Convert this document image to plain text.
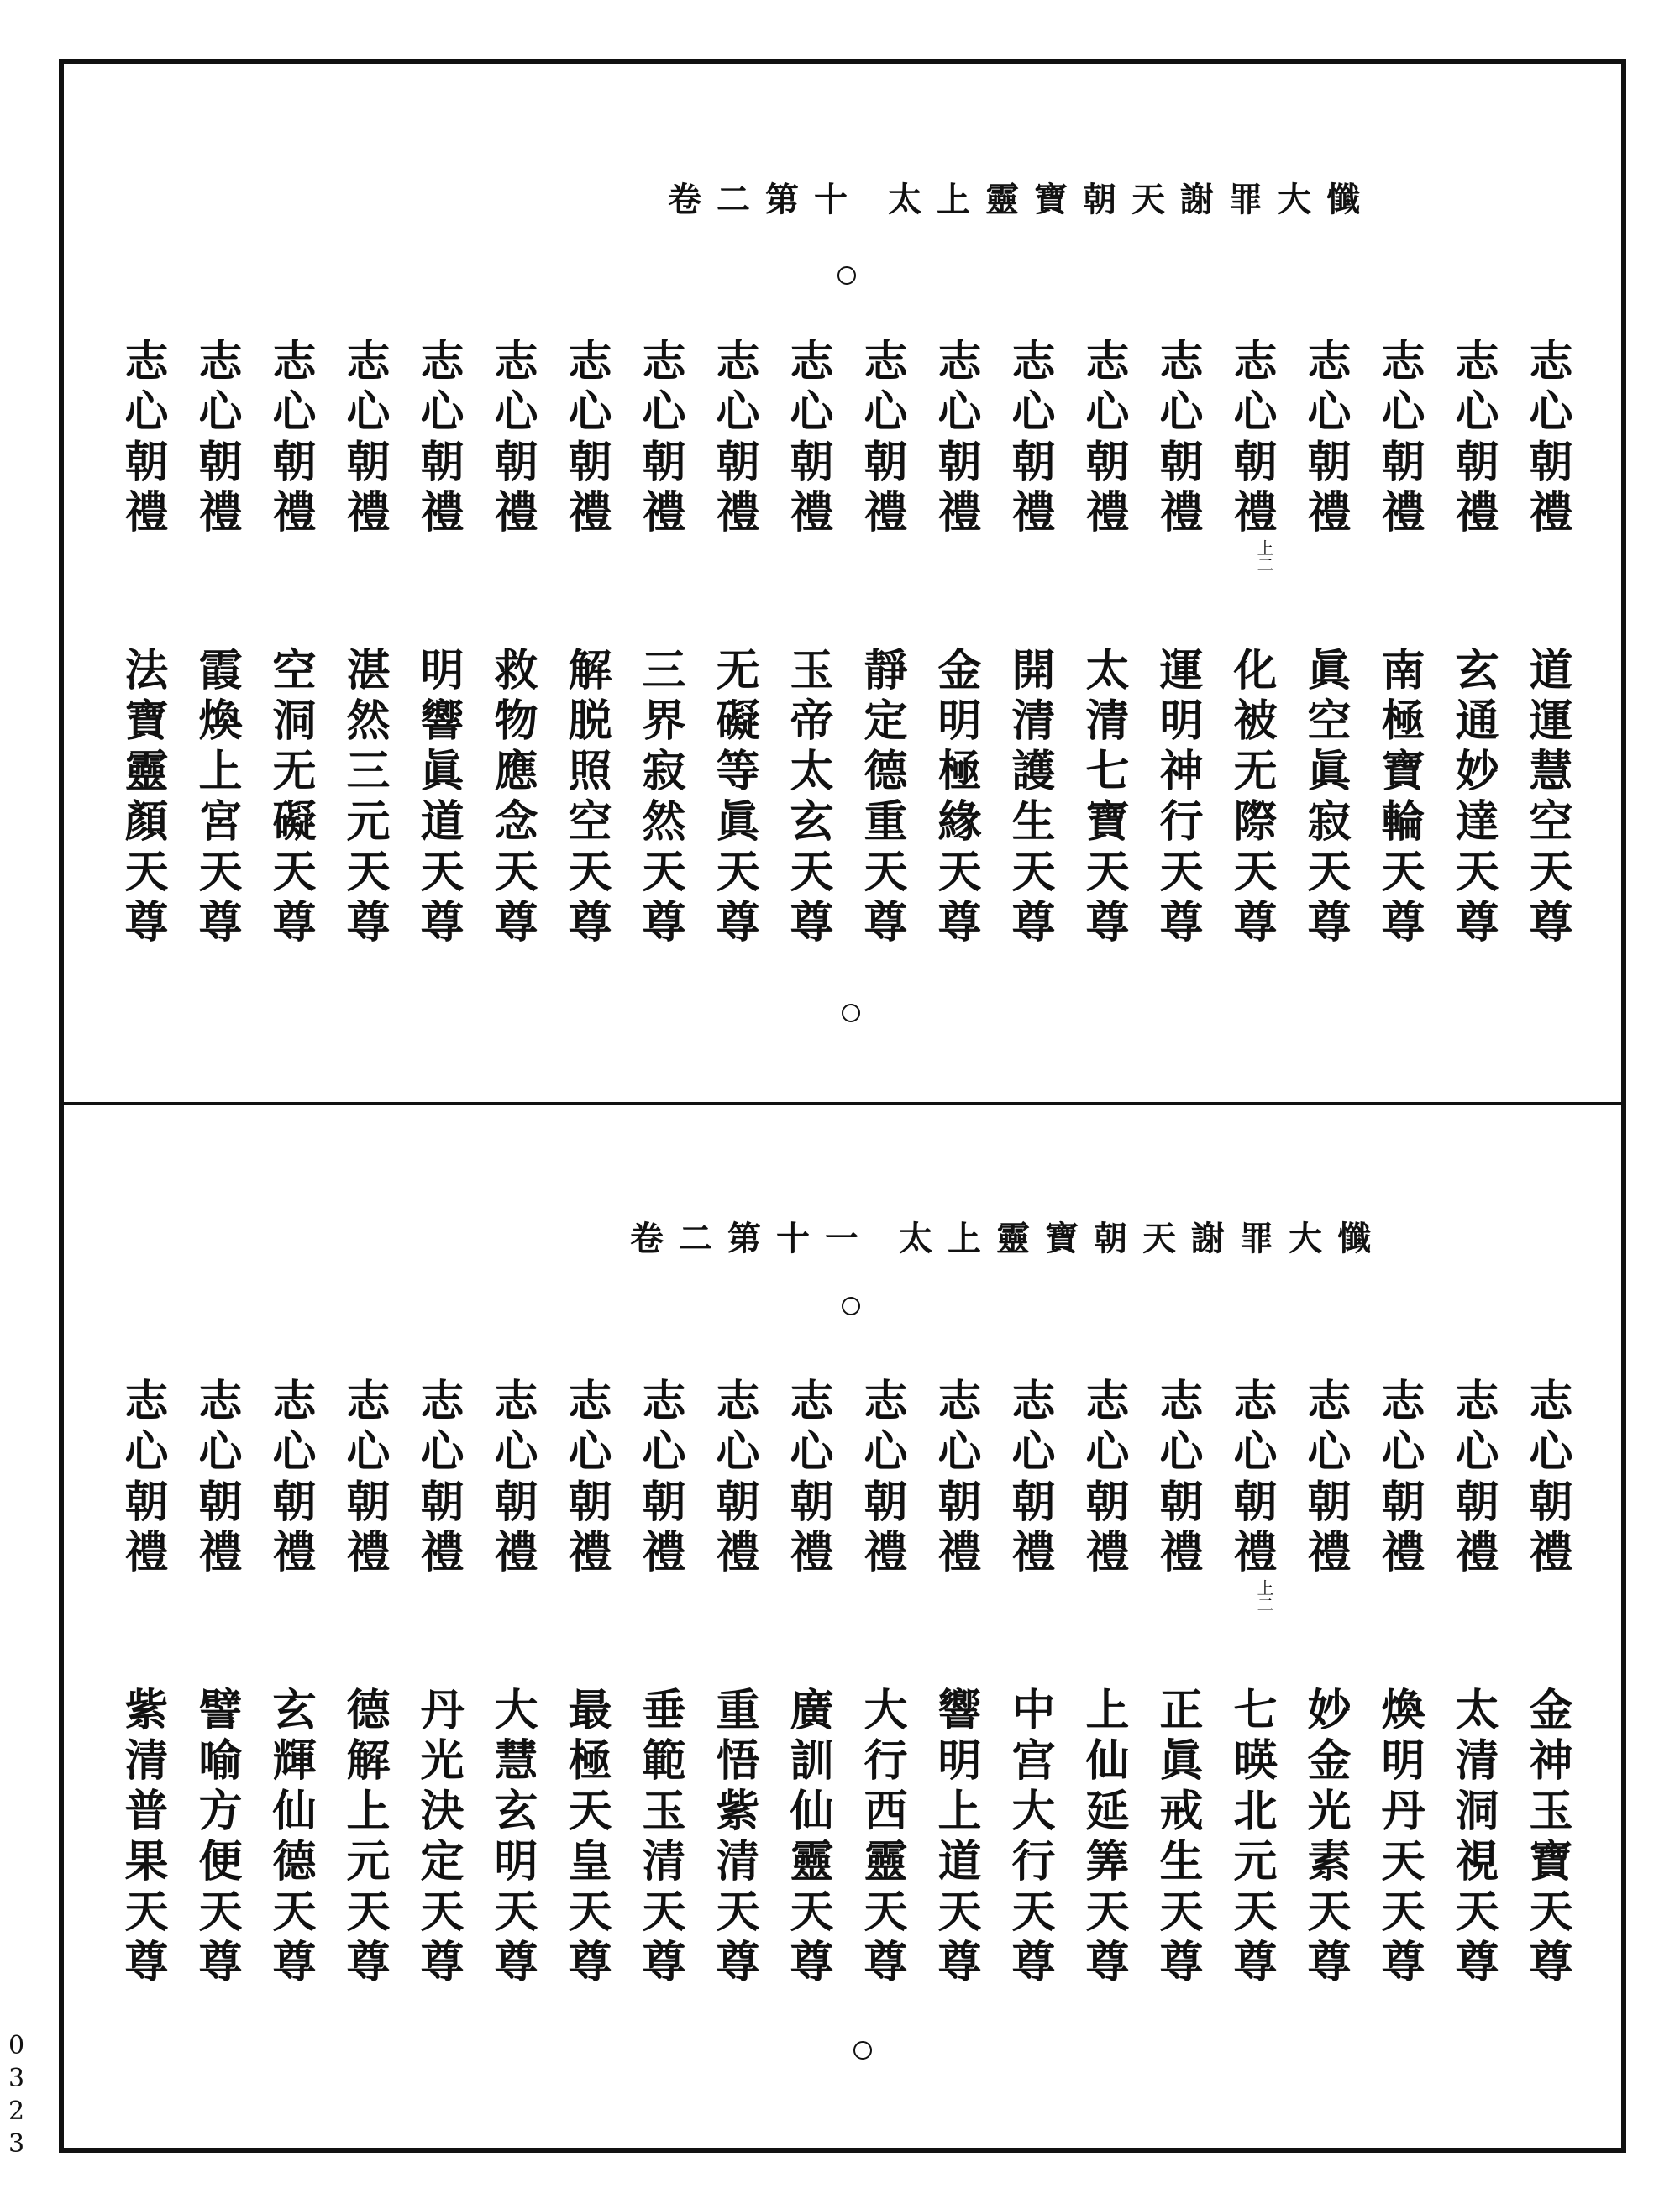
卷二第十 太上靈寶朝天謝罪大懺
志心朝禮道運慧空天尊
志心朝禮玄通妙達天尊
志心朝禮南極寶輪天尊
志心朝禮眞空眞寂天尊
志心朝禮上二化被无際天尊
志心朝禮運明神行天尊
志心朝禮太清七寶天尊
志心朝禮開清護生天尊
志心朝禮金明極緣天尊
志心朝禮靜定德重天尊
志心朝禮玉帝太玄天尊
志心朝禮无礙等眞天尊
志心朝禮三界寂然天尊
志心朝禮解脱照空天尊
志心朝禮救物應念天尊
志心朝禮明響眞道天尊
志心朝禮湛然三元天尊
志心朝禮空洞无礙天尊
志心朝禮霞煥上宮天尊
志心朝禮法寶靈顏天尊
卷二第十一 太上靈寶朝天謝罪大懺
志心朝禮金神玉寶天尊
志心朝禮太清洞視天尊
志心朝禮煥明丹天天尊
志心朝禮妙金光素天尊
志心朝禮上二七暎北元天尊
志心朝禮正眞戒生天尊
志心朝禮上仙延筭天尊
志心朝禮中宫大行天尊
志心朝禮響明上道天尊
志心朝禮大行西靈天尊
志心朝禮廣訓仙靈天尊
志心朝禮重悟紫清天尊
志心朝禮垂範玉清天尊
志心朝禮最極天皇天尊
志心朝禮大慧玄明天尊
志心朝禮丹光決定天尊
志心朝禮德解上元天尊
志心朝禮玄輝仙德天尊
志心朝禮譬喻方便天尊
志心朝禮紫清普果天尊
0323
